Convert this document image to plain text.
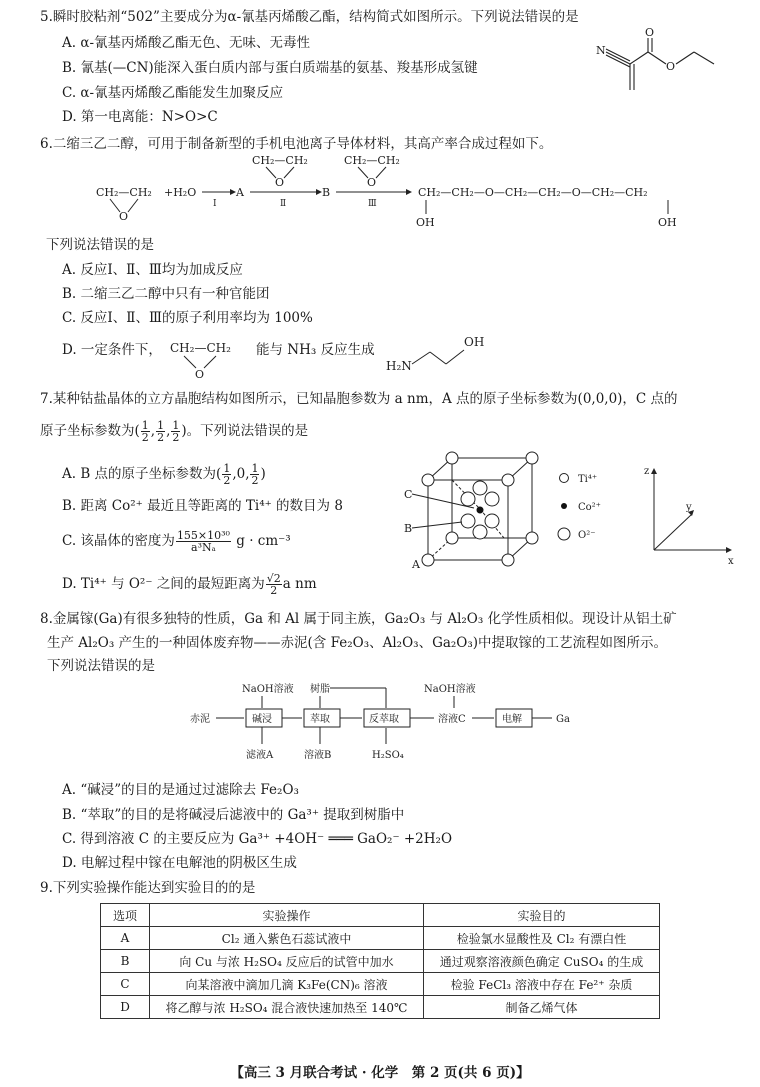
5.瞬时胶粘剂“502”主要成分为α-氰基丙烯酸乙酯，结构简式如图所示。下列说法错误的是
A. α-氰基丙烯酸乙酯无色、无味、无毒性
B. 氰基(—CN)能深入蛋白质内部与蛋白质端基的氨基、羧基形成氢键
C. α-氰基丙烯酸乙酯能发生加聚反应
D. 第一电离能：N>O>C
N
O
O
6.二缩三乙二醇，可用于制备新型的手机电池离子导体材料，其高产率合成过程如下。
CH₂—CH₂
O
+H₂O
Ⅰ
A
CH₂—CH₂
O
Ⅱ
B
CH₂—CH₂
O
Ⅲ
CH₂—CH₂—O—CH₂—CH₂—O—CH₂—CH₂
OH	OH
下列说法错误的是
A. 反应Ⅰ、Ⅱ、Ⅲ均为加成反应
B. 二缩三乙二醇中只有一种官能团
C. 反应Ⅰ、Ⅱ、Ⅲ的原子利用率均为 100%
D. 一定条件下， CH₂—CH₂
O
能与 NH₃ 反应生成
H₂N
OH
7.某种钴盐晶体的立方晶胞结构如图所示，已知晶胞参数为 a nm，A 点的原子坐标参数为(0,0,0)，C 点的
原子坐标参数为( $\frac{1}{2}$ , $\frac{1}{2}$ , $\frac{1}{2}$ )。下列说法错误的是
A. B 点的原子坐标参数为( $\frac{1}{2} ,0$, $\frac{1}{2}$ )
B. 距离 Co²⁺ 最近且等距离的 Ti⁴⁺ 的数目为 8
C. 该晶体的密度为 $\frac{\text{155×10³⁰}}{\text{a³Nₐ}}$ g · cm⁻³
D. Ti⁴⁺ 与 O²⁻ 之间的最短距离为 $\frac{√2}{2}$ a nm
C
B
A
Ti⁴⁺
Co²⁺
O²⁻
z
y
x
8.金属镓(Ga)有很多独特的性质，Ga 和 Al 属于同主族，Ga₂O₃ 与 Al₂O₃ 化学性质相似。现设计从铝土矿
生产 Al₂O₃ 产生的一种固体废弃物——赤泥(含 Fe₂O₃、Al₂O₃、Ga₂O₃)中提取镓的工艺流程如图所示。
下列说法错误的是
NaOH溶液 树脂	NaOH溶液
赤泥	碱浸	萃取	反萃取	溶液C	电解	Ga
滤液A	溶液B	H₂SO₄
A. “碱浸”的目的是通过过滤除去 Fe₂O₃
B. “萃取”的目的是将碱浸后滤液中的 Ga³⁺ 提取到树脂中
C. 得到溶液 C 的主要反应为 Ga³⁺ +4OH⁻ ═══ GaO₂⁻ +2H₂O
D. 电解过程中镓在电解池的阴极区生成
9.下列实验操作能达到实验目的的是
选项	实验操作	实验目的
A	Cl₂ 通入紫色石蕊试液中	检验氯水显酸性及 Cl₂ 有漂白性
B	向 Cu 与浓 H₂SO₄ 反应后的试管中加水	通过观察溶液颜色确定 CuSO₄ 的生成
C	向某溶液中滴加几滴 K₃Fe(CN)₆ 溶液	检验 FeCl₃ 溶液中存在 Fe²⁺ 杂质
D	将乙醇与浓 H₂SO₄ 混合液快速加热至 140℃	制备乙烯气体
【高三 3 月联合考试 · 化学　第 2 页(共 6 页)】
